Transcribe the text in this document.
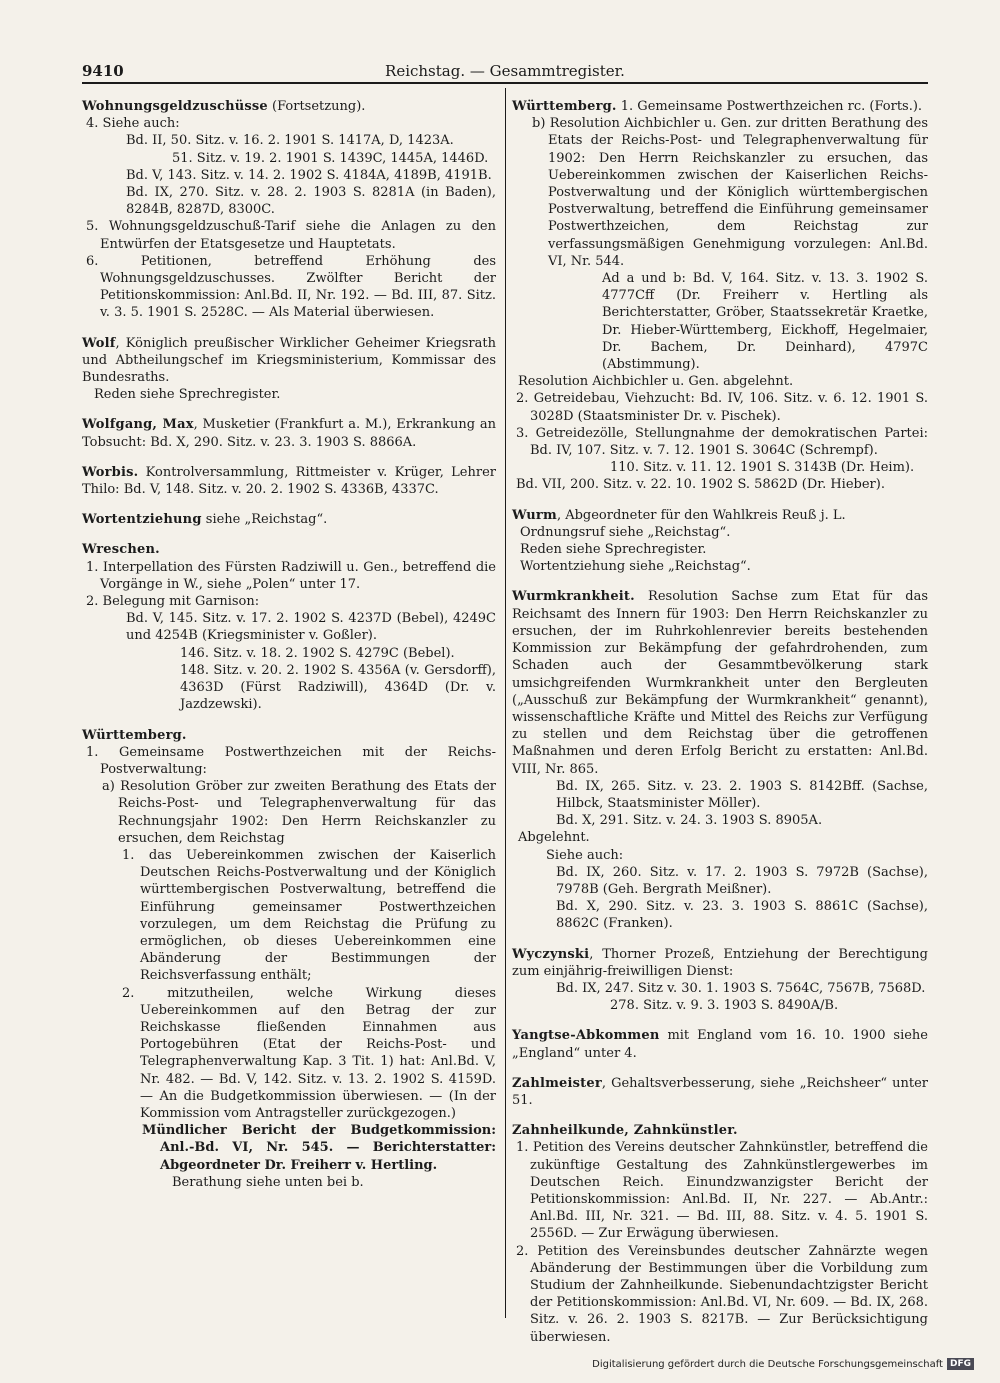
9410	Reichstag. — Gesammtregister.

Wohnungsgeldzuschüsse (Fortsetzung).

4. Siehe auch:

Bd. II, 50. Sitz. v. 16. 2. 1901 S. 1417A, D, 1423A.

51. Sitz. v. 19. 2. 1901 S. 1439C, 1445A, 1446D.

Bd. V, 143. Sitz. v. 14. 2. 1902 S. 4184A, 4189B, 4191B.

Bd. IX, 270. Sitz. v. 28. 2. 1903 S. 8281A (in Baden), 8284B, 8287D, 8300C.

5. Wohnungsgeldzuschuß-Tarif siehe die Anlagen zu den Entwürfen der Etatsgesetze und Hauptetats.

6. Petitionen, betreffend Erhöhung des Wohnungsgeldzuschusses. Zwölfter Bericht der Petitionskommission: Anl.Bd. II, Nr. 192. — Bd. III, 87. Sitz. v. 3. 5. 1901 S. 2528C. — Als Material überwiesen.

Wolf, Königlich preußischer Wirklicher Geheimer Kriegsrath und Abtheilungschef im Kriegsministerium, Kommissar des Bundesraths.

Reden siehe Sprechregister.

Wolfgang, Max, Musketier (Frankfurt a. M.), Erkrankung an Tobsucht: Bd. X, 290. Sitz. v. 23. 3. 1903 S. 8866A.

Worbis. Kontrolversammlung, Rittmeister v. Krüger, Lehrer Thilo: Bd. V, 148. Sitz. v. 20. 2. 1902 S. 4336B, 4337C.

Wortentziehung siehe „Reichstag“.

Wreschen.

1. Interpellation des Fürsten Radziwill u. Gen., betreffend die Vorgänge in W., siehe „Polen“ unter 17.

2. Belegung mit Garnison:

Bd. V, 145. Sitz. v. 17. 2. 1902 S. 4237D (Bebel), 4249C und 4254B (Kriegsminister v. Goßler).

146. Sitz. v. 18. 2. 1902 S. 4279C (Bebel).

148. Sitz. v. 20. 2. 1902 S. 4356A (v. Gersdorff), 4363D (Fürst Radziwill), 4364D (Dr. v. Jazdzewski).

Württemberg.

1. Gemeinsame Postwerthzeichen mit der Reichs-Postverwaltung:

a) Resolution Gröber zur zweiten Berathung des Etats der Reichs-Post- und Telegraphenverwaltung für das Rechnungsjahr 1902: Den Herrn Reichskanzler zu ersuchen, dem Reichstag

1. das Uebereinkommen zwischen der Kaiserlich Deutschen Reichs-Postverwaltung und der Königlich württembergischen Postverwaltung, betreffend die Einführung gemeinsamer Postwerthzeichen vorzulegen, um dem Reichstag die Prüfung zu ermöglichen, ob dieses Uebereinkommen eine Abänderung der Bestimmungen der Reichsverfassung enthält;

2. mitzutheilen, welche Wirkung dieses Uebereinkommen auf den Betrag der zur Reichskasse fließenden Einnahmen aus Portogebühren (Etat der Reichs-Post- und Telegraphenverwaltung Kap. 3 Tit. 1) hat: Anl.Bd. V, Nr. 482. — Bd. V, 142. Sitz. v. 13. 2. 1902 S. 4159D. — An die Budgetkommission überwiesen. — (In der Kommission vom Antragsteller zurückgezogen.)

Mündlicher Bericht der Budgetkommission: Anl.-Bd. VI, Nr. 545. — Berichterstatter: Abgeordneter Dr. Freiherr v. Hertling.

Berathung siehe unten bei b.

Württemberg. 1. Gemeinsame Postwerthzeichen rc. (Forts.).

b) Resolution Aichbichler u. Gen. zur dritten Berathung des Etats der Reichs-Post- und Telegraphenverwaltung für 1902: Den Herrn Reichskanzler zu ersuchen, das Uebereinkommen zwischen der Kaiserlichen Reichs-Postverwaltung und der Königlich württembergischen Postverwaltung, betreffend die Einführung gemeinsamer Postwerthzeichen, dem Reichstag zur verfassungsmäßigen Genehmigung vorzulegen: Anl.Bd. VI, Nr. 544.

Ad a und b: Bd. V, 164. Sitz. v. 13. 3. 1902 S. 4777Cff (Dr. Freiherr v. Hertling als Berichterstatter, Gröber, Staatssekretär Kraetke, Dr. Hieber-Württemberg, Eickhoff, Hegelmaier, Dr. Bachem, Dr. Deinhard), 4797C (Abstimmung).

Resolution Aichbichler u. Gen. abgelehnt.

2. Getreidebau, Viehzucht: Bd. IV, 106. Sitz. v. 6. 12. 1901 S. 3028D (Staatsminister Dr. v. Pischek).

3. Getreidezölle, Stellungnahme der demokratischen Partei: Bd. IV, 107. Sitz. v. 7. 12. 1901 S. 3064C (Schrempf).

110. Sitz. v. 11. 12. 1901 S. 3143B (Dr. Heim).

Bd. VII, 200. Sitz. v. 22. 10. 1902 S. 5862D (Dr. Hieber).

Wurm, Abgeordneter für den Wahlkreis Reuß j. L.

Ordnungsruf siehe „Reichstag“.

Reden siehe Sprechregister.

Wortentziehung siehe „Reichstag“.

Wurmkrankheit. Resolution Sachse zum Etat für das Reichsamt des Innern für 1903: Den Herrn Reichskanzler zu ersuchen, der im Ruhrkohlenrevier bereits bestehenden Kommission zur Bekämpfung der gefahrdrohenden, zum Schaden auch der Gesammtbevölkerung stark umsichgreifenden Wurmkrankheit unter den Bergleuten („Ausschuß zur Bekämpfung der Wurmkrankheit“ genannt), wissenschaftliche Kräfte und Mittel des Reichs zur Verfügung zu stellen und dem Reichstag über die getroffenen Maßnahmen und deren Erfolg Bericht zu erstatten: Anl.Bd. VIII, Nr. 865.

Bd. IX, 265. Sitz. v. 23. 2. 1903 S. 8142Bff. (Sachse, Hilbck, Staatsminister Möller).

Bd. X, 291. Sitz. v. 24. 3. 1903 S. 8905A.

Abgelehnt.

Siehe auch:

Bd. IX, 260. Sitz. v. 17. 2. 1903 S. 7972B (Sachse), 7978B (Geh. Bergrath Meißner).

Bd. X, 290. Sitz. v. 23. 3. 1903 S. 8861C (Sachse), 8862C (Franken).

Wyczynski, Thorner Prozeß, Entziehung der Berechtigung zum einjährig-freiwilligen Dienst:

Bd. IX, 247. Sitz v. 30. 1. 1903 S. 7564C, 7567B, 7568D.

278. Sitz. v. 9. 3. 1903 S. 8490A/B.

Yangtse-Abkommen mit England vom 16. 10. 1900 siehe „England“ unter 4.

Zahlmeister, Gehaltsverbesserung, siehe „Reichsheer“ unter 51.

Zahnheilkunde, Zahnkünstler.

1. Petition des Vereins deutscher Zahnkünstler, betreffend die zukünftige Gestaltung des Zahnkünstlergewerbes im Deutschen Reich. Einundzwanzigster Bericht der Petitionskommission: Anl.Bd. II, Nr. 227. — Ab.Antr.: Anl.Bd. III, Nr. 321. — Bd. III, 88. Sitz. v. 4. 5. 1901 S. 2556D. — Zur Erwägung überwiesen.

2. Petition des Vereinsbundes deutscher Zahnärzte wegen Abänderung der Bestimmungen über die Vorbildung zum Studium der Zahnheilkunde. Siebenundachtzigster Bericht der Petitionskommission: Anl.Bd. VI, Nr. 609. — Bd. IX, 268. Sitz. v. 26. 2. 1903 S. 8217B. — Zur Berücksichtigung überwiesen.

Digitalisierung gefördert durch die Deutsche Forschungsgemeinschaft DFG
